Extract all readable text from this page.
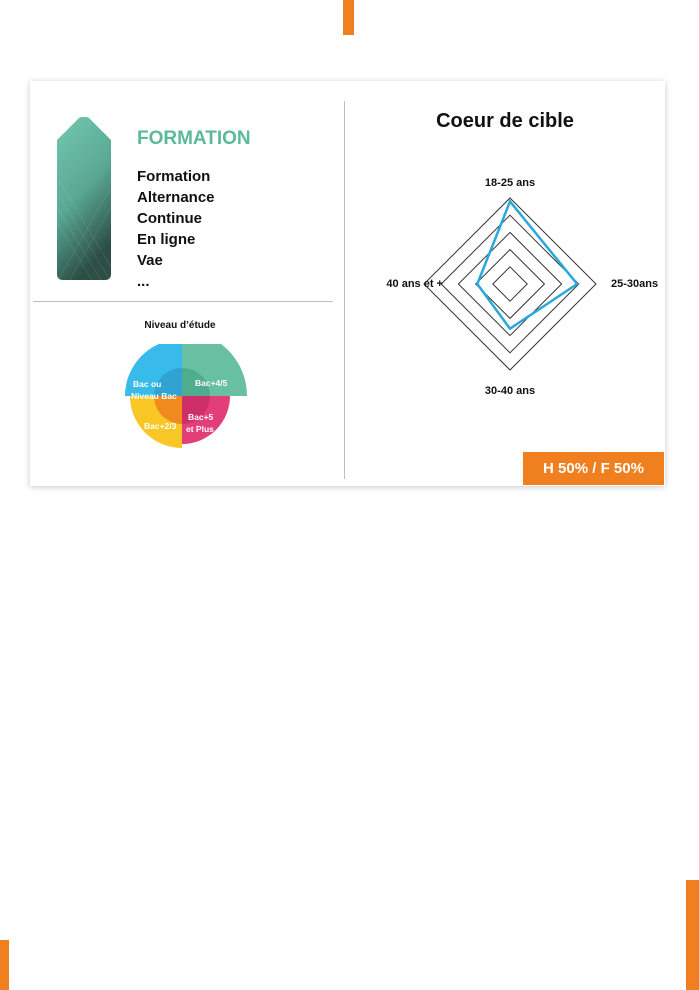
FORMATION
Formation
Alternance
Continue
En ligne
Vae
...
Niveau d’étude
Bac ou
Niveau Bac
Bac+4/5
Bac+5
et Plus
Bac+2/3
Coeur de cible
18-25 ans
25-30ans
30-40 ans
40 ans et +
H 50% / F 50%
